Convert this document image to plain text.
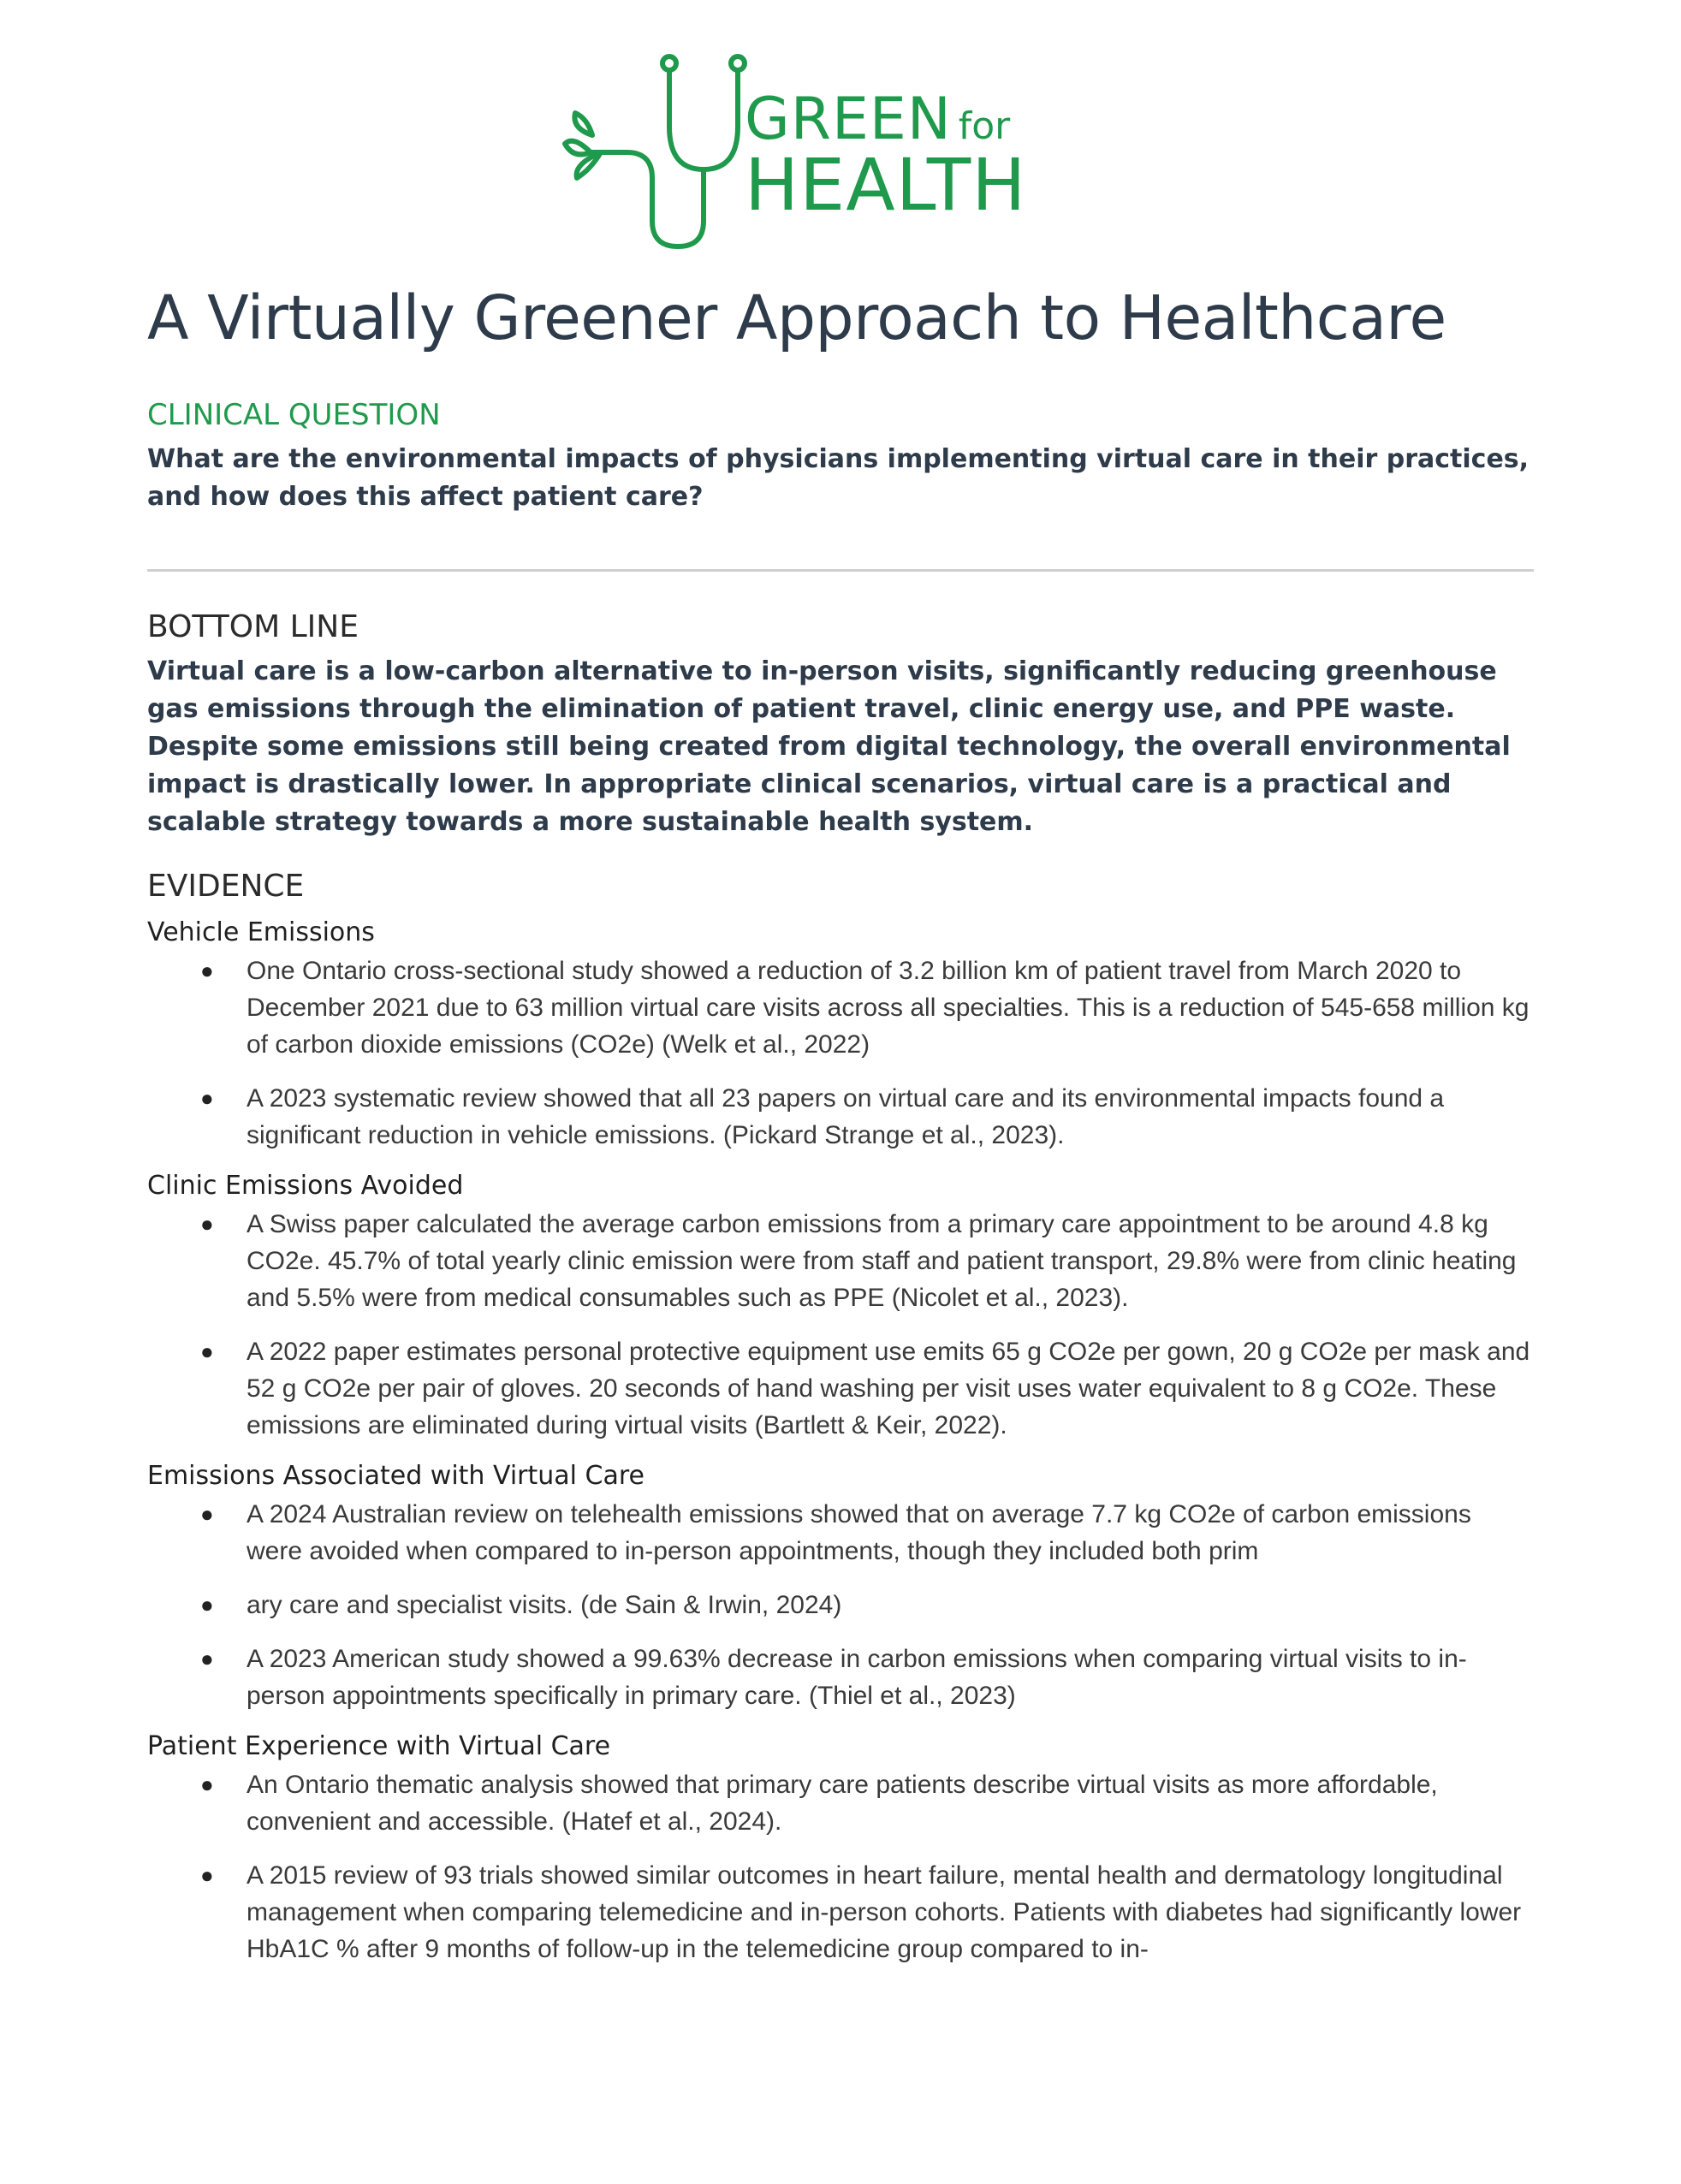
GREEN for
HEALTH
A Virtually Greener Approach to Healthcare
CLINICAL QUESTION
What are the environmental impacts of physicians implementing virtual care in their practices, and how does this affect patient care?
BOTTOM LINE
Virtual care is a low-carbon alternative to in-person visits, significantly reducing greenhouse gas emissions through the elimination of patient travel, clinic energy use, and PPE waste. Despite some emissions still being created from digital technology, the overall environmental impact is drastically lower. In appropriate clinical scenarios, virtual care is a practical and scalable strategy towards a more sustainable health system.
EVIDENCE
Vehicle Emissions
● One Ontario cross-sectional study showed a reduction of 3.2 billion km of patient travel from March 2020 to December 2021 due to 63 million virtual care visits across all specialties. This is a reduction of 545-658 million kg of carbon dioxide emissions (CO2e) (Welk et al., 2022)
● A 2023 systematic review showed that all 23 papers on virtual care and its environmental impacts found a significant reduction in vehicle emissions. (Pickard Strange et al., 2023).
Clinic Emissions Avoided
● A Swiss paper calculated the average carbon emissions from a primary care appointment to be around 4.8 kg CO2e. 45.7% of total yearly clinic emission were from staff and patient transport, 29.8% were from clinic heating and 5.5% were from medical consumables such as PPE (Nicolet et al., 2023).
● A 2022 paper estimates personal protective equipment use emits 65 g CO2e per gown, 20 g CO2e per mask and 52 g CO2e per pair of gloves. 20 seconds of hand washing per visit uses water equivalent to 8 g CO2e. These emissions are eliminated during virtual visits (Bartlett & Keir, 2022).
Emissions Associated with Virtual Care
● A 2024 Australian review on telehealth emissions showed that on average 7.7 kg CO2e of carbon emissions were avoided when compared to in-person appointments, though they included both prim
● ary care and specialist visits. (de Sain & Irwin, 2024)
● A 2023 American study showed a 99.63% decrease in carbon emissions when comparing virtual visits to in-person appointments specifically in primary care. (Thiel et al., 2023)
Patient Experience with Virtual Care
● An Ontario thematic analysis showed that primary care patients describe virtual visits as more affordable, convenient and accessible. (Hatef et al., 2024).
● A 2015 review of 93 trials showed similar outcomes in heart failure, mental health and dermatology longitudinal management when comparing telemedicine and in-person cohorts. Patients with diabetes had significantly lower HbA1C % after 9 months of follow-up in the telemedicine group compared to in-
